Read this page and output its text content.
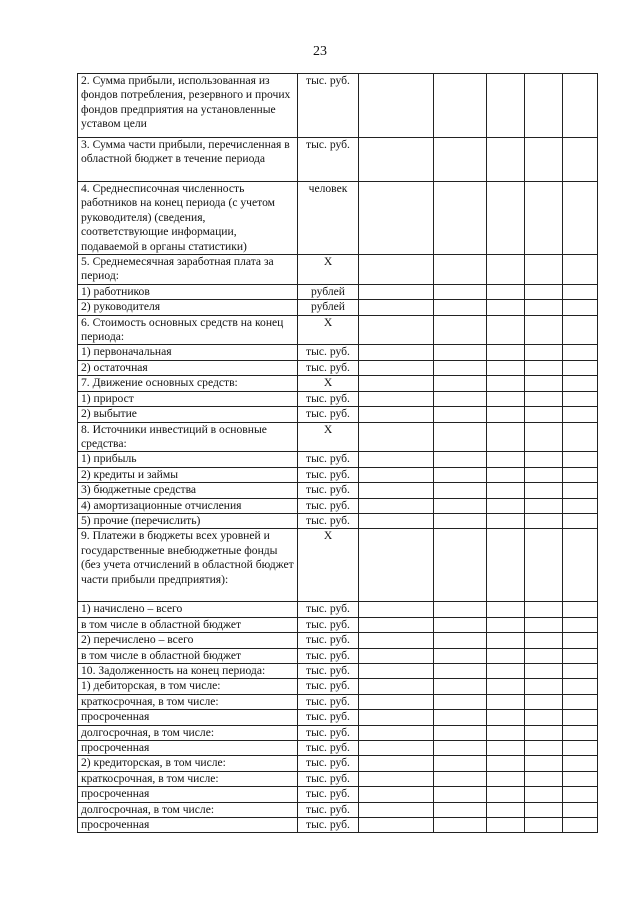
23
2. Сумма прибыли, использованная из фондов потребления, резервного и прочих фондов предприятия на установленные уставом цели	тыс. руб.					
3. Сумма части прибыли, перечисленная в областной бюджет в течение периода	тыс. руб.					
4. Среднесписочная численность работников на конец периода (с учетом руководителя) (сведения, соответствующие информации, подаваемой в органы статистики)	человек					
5. Среднемесячная заработная плата за период:	X					
1) работников	рублей					
2) руководителя	рублей					
6. Стоимость основных средств на конец периода:	X					
1) первоначальная	тыс. руб.					
2) остаточная	тыс. руб.					
7. Движение основных средств:	X					
1) прирост	тыс. руб.					
2) выбытие	тыс. руб.					
8. Источники инвестиций в основные средства:	X					
1) прибыль	тыс. руб.					
2) кредиты и займы	тыс. руб.					
3) бюджетные средства	тыс. руб.					
4) амортизационные отчисления	тыс. руб.					
5) прочие (перечислить)	тыс. руб.					
9. Платежи в бюджеты всех уровней и государственные внебюджетные фонды (без учета отчислений в областной бюджет части прибыли предприятия):	X					
1) начислено – всего	тыс. руб.					
в том числе в областной бюджет	тыс. руб.					
2) перечислено – всего	тыс. руб.					
в том числе в областной бюджет	тыс. руб.					
10. Задолженность на конец периода:	тыс. руб.					
1) дебиторская, в том числе:	тыс. руб.					
краткосрочная, в том числе:	тыс. руб.					
просроченная	тыс. руб.					
долгосрочная, в том числе:	тыс. руб.					
просроченная	тыс. руб.					
2) кредиторская, в том числе:	тыс. руб.					
краткосрочная, в том числе:	тыс. руб.					
просроченная	тыс. руб.					
долгосрочная, в том числе:	тыс. руб.					
просроченная	тыс. руб.					
